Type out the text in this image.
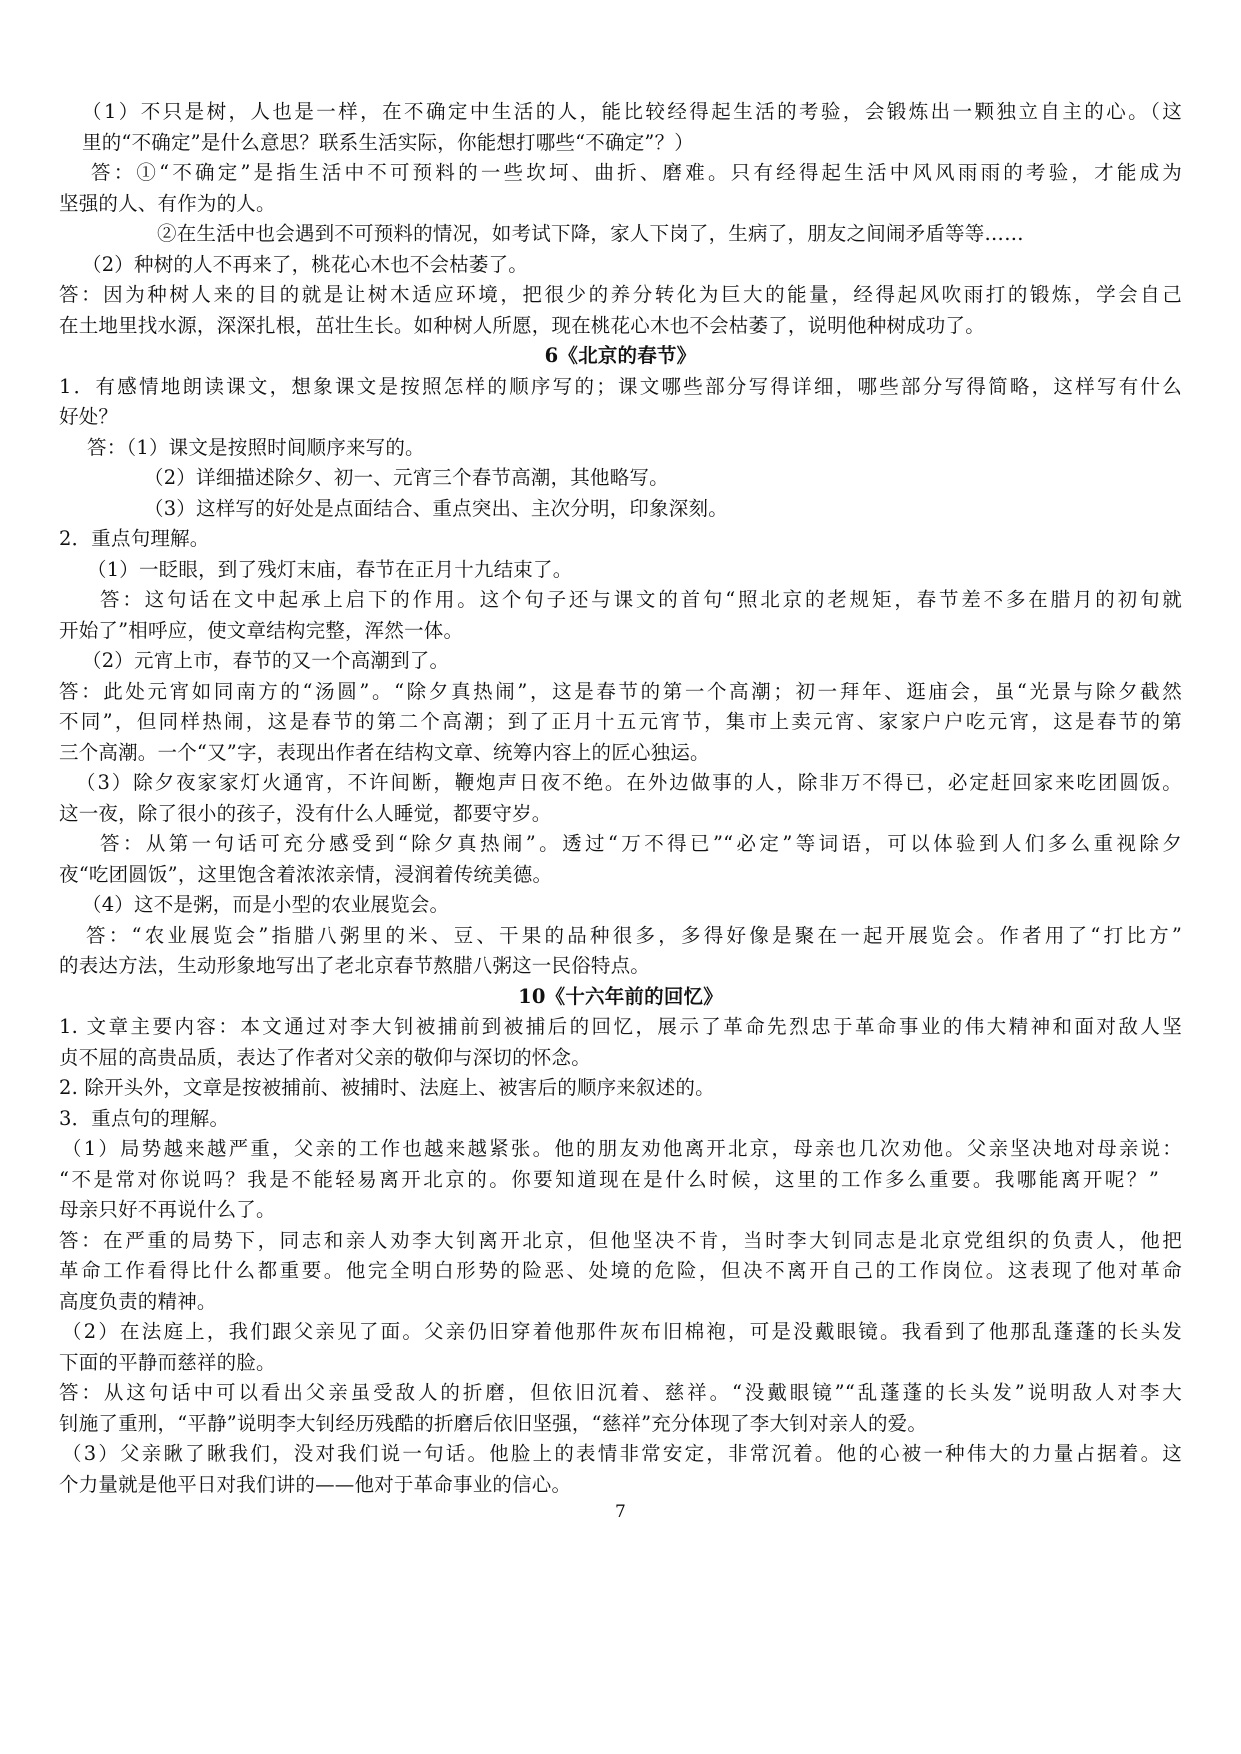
（1）不只是树，人也是一样，在不确定中生活的人，能比较经得起生活的考验，会锻炼出一颗独立自主的心。（这
里的“不确定”是什么意思？联系生活实际，你能想打哪些“不确定”？）
答：①“不确定”是指生活中不可预料的一些坎坷、曲折、磨难。只有经得起生活中风风雨雨的考验，才能成为
坚强的人、有作为的人。
②在生活中也会遇到不可预料的情况，如考试下降，家人下岗了，生病了，朋友之间闹矛盾等等……
（2）种树的人不再来了，桃花心木也不会枯萎了。
答：因为种树人来的目的就是让树木适应环境，把很少的养分转化为巨大的能量，经得起风吹雨打的锻炼，学会自己
在土地里找水源，深深扎根，茁壮生长。如种树人所愿，现在桃花心木也不会枯萎了，说明他种树成功了。
6《北京的春节》
1．有感情地朗读课文，想象课文是按照怎样的顺序写的；课文哪些部分写得详细，哪些部分写得简略，这样写有什么
好处？
答：（1）课文是按照时间顺序来写的。
（2）详细描述除夕、初一、元宵三个春节高潮，其他略写。
（3）这样写的好处是点面结合、重点突出、主次分明，印象深刻。
2．重点句理解。
（1）一眨眼，到了残灯末庙，春节在正月十九结束了。
答：这句话在文中起承上启下的作用。这个句子还与课文的首句“照北京的老规矩，春节差不多在腊月的初旬就
开始了”相呼应，使文章结构完整，浑然一体。
（2）元宵上市，春节的又一个高潮到了。
答：此处元宵如同南方的“汤圆”。“除夕真热闹”，这是春节的第一个高潮；初一拜年、逛庙会，虽“光景与除夕截然
不同”，但同样热闹，这是春节的第二个高潮；到了正月十五元宵节，集市上卖元宵、家家户户吃元宵，这是春节的第
三个高潮。一个“又”字，表现出作者在结构文章、统筹内容上的匠心独运。
（3）除夕夜家家灯火通宵，不许间断，鞭炮声日夜不绝。在外边做事的人，除非万不得已，必定赶回家来吃团圆饭。
这一夜，除了很小的孩子，没有什么人睡觉，都要守岁。
答：从第一句话可充分感受到“除夕真热闹”。透过“万不得已”“必定”等词语，可以体验到人们多么重视除夕
夜“吃团圆饭”，这里饱含着浓浓亲情，浸润着传统美德。
（4）这不是粥，而是小型的农业展览会。
答：“农业展览会”指腊八粥里的米、豆、干果的品种很多，多得好像是聚在一起开展览会。作者用了“打比方”
的表达方法，生动形象地写出了老北京春节熬腊八粥这一民俗特点。
10《十六年前的回忆》
1. 文章主要内容：本文通过对李大钊被捕前到被捕后的回忆，展示了革命先烈忠于革命事业的伟大精神和面对敌人坚
贞不屈的高贵品质，表达了作者对父亲的敬仰与深切的怀念。
2. 除开头外，文章是按被捕前、被捕时、法庭上、被害后的顺序来叙述的。
3．重点句的理解。
（1）局势越来越严重，父亲的工作也越来越紧张。他的朋友劝他离开北京，母亲也几次劝他。父亲坚决地对母亲说：
“不是常对你说吗？我是不能轻易离开北京的。你要知道现在是什么时候，这里的工作多么重要。我哪能离开呢？”
母亲只好不再说什么了。
答：在严重的局势下，同志和亲人劝李大钊离开北京，但他坚决不肯，当时李大钊同志是北京党组织的负责人，他把
革命工作看得比什么都重要。他完全明白形势的险恶、处境的危险，但决不离开自己的工作岗位。这表现了他对革命
高度负责的精神。
（2）在法庭上，我们跟父亲见了面。父亲仍旧穿着他那件灰布旧棉袍，可是没戴眼镜。我看到了他那乱蓬蓬的长头发
下面的平静而慈祥的脸。
答：从这句话中可以看出父亲虽受敌人的折磨，但依旧沉着、慈祥。“没戴眼镜”“乱蓬蓬的长头发”说明敌人对李大
钊施了重刑，“平静”说明李大钊经历残酷的折磨后依旧坚强，“慈祥”充分体现了李大钊对亲人的爱。
（3）父亲瞅了瞅我们，没对我们说一句话。他脸上的表情非常安定，非常沉着。他的心被一种伟大的力量占据着。这
个力量就是他平日对我们讲的——他对于革命事业的信心。
7
